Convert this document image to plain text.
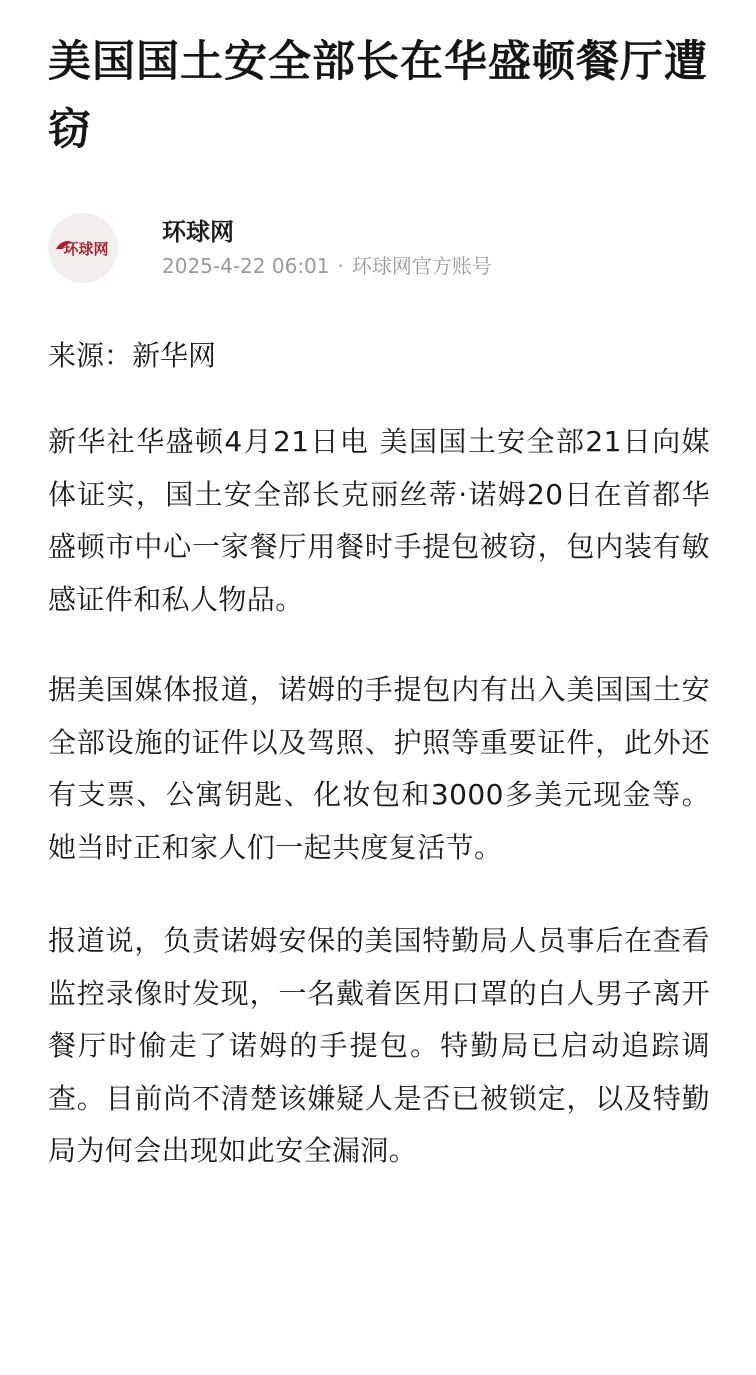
美国国土安全部长在华盛顿餐厅遭窃
环球网
环球网
2025-4-22 06:01 · 环球网官方账号
来源：新华网

新华社华盛顿4月21日电 美国国土安全部21日向媒体证实，国土安全部长克丽丝蒂·诺姆20日在首都华盛顿市中心一家餐厅用餐时手提包被窃，包内装有敏感证件和私人物品。

据美国媒体报道，诺姆的手提包内有出入美国国土安全部设施的证件以及驾照、护照等重要证件，此外还有支票、公寓钥匙、化妆包和3000多美元现金等。她当时正和家人们一起共度复活节。

报道说，负责诺姆安保的美国特勤局人员事后在查看监控录像时发现，一名戴着医用口罩的白人男子离开餐厅时偷走了诺姆的手提包。特勤局已启动追踪调查。目前尚不清楚该嫌疑人是否已被锁定，以及特勤局为何会出现如此安全漏洞。
